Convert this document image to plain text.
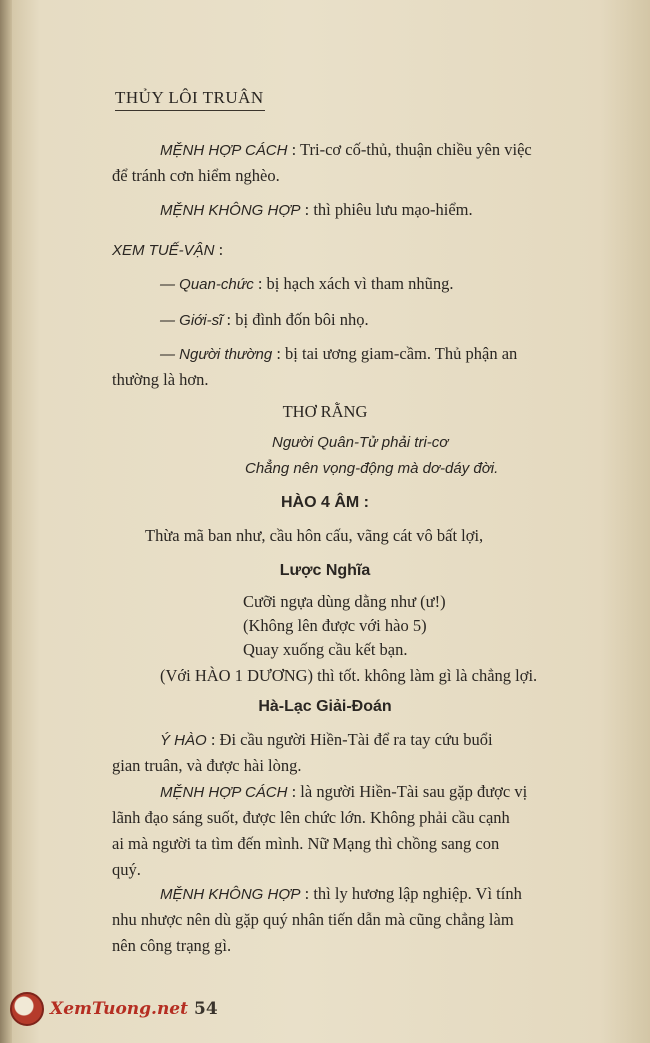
THỦY LÔI TRUÂN
MỆNH HỢP CÁCH : Tri-cơ cố-thủ, thuận chiều yên việc
để tránh cơn hiểm nghèo.
MỆNH KHÔNG HỢP : thì phiêu lưu mạo-hiểm.
XEM TUẾ-VẬN :
— Quan-chức : bị hạch xách vì tham nhũng.
— Giới-sĩ : bị đình đốn bôi nhọ.
— Người thường : bị tai ương giam-cầm. Thủ phận an
thường là hơn.
THƠ RẰNG
Người Quân-Tử phải tri-cơ
Chẳng nên vọng-động mà dơ-dáy đời.
HÀO 4 ÂM :
Thừa mã ban như, cầu hôn cấu, vãng cát vô bất lợi,
Lược Nghĩa
Cưỡi ngựa dùng dằng như (ư!)
(Không lên được với hào 5)
Quay xuống cầu kết bạn.
(Với HÀO 1 DƯƠNG) thì tốt. không làm gì là chẳng lợi.
Hà-Lạc Giải-Đoán
Ý HÀO : Đi cầu người Hiền-Tài để ra tay cứu buổi
gian truân, và được hài lòng.
MỆNH HỢP CÁCH : là người Hiền-Tài sau gặp được vị
lãnh đạo sáng suốt, được lên chức lớn. Không phải cầu cạnh
ai mà người ta tìm đến mình. Nữ Mạng thì chồng sang con
quý.
MỆNH KHÔNG HỢP : thì ly hương lập nghiệp. Vì tính
nhu nhược nên dù gặp quý nhân tiến dẫn mà cũng chẳng làm
nên công trạng gì.
XemTuong.net 54
